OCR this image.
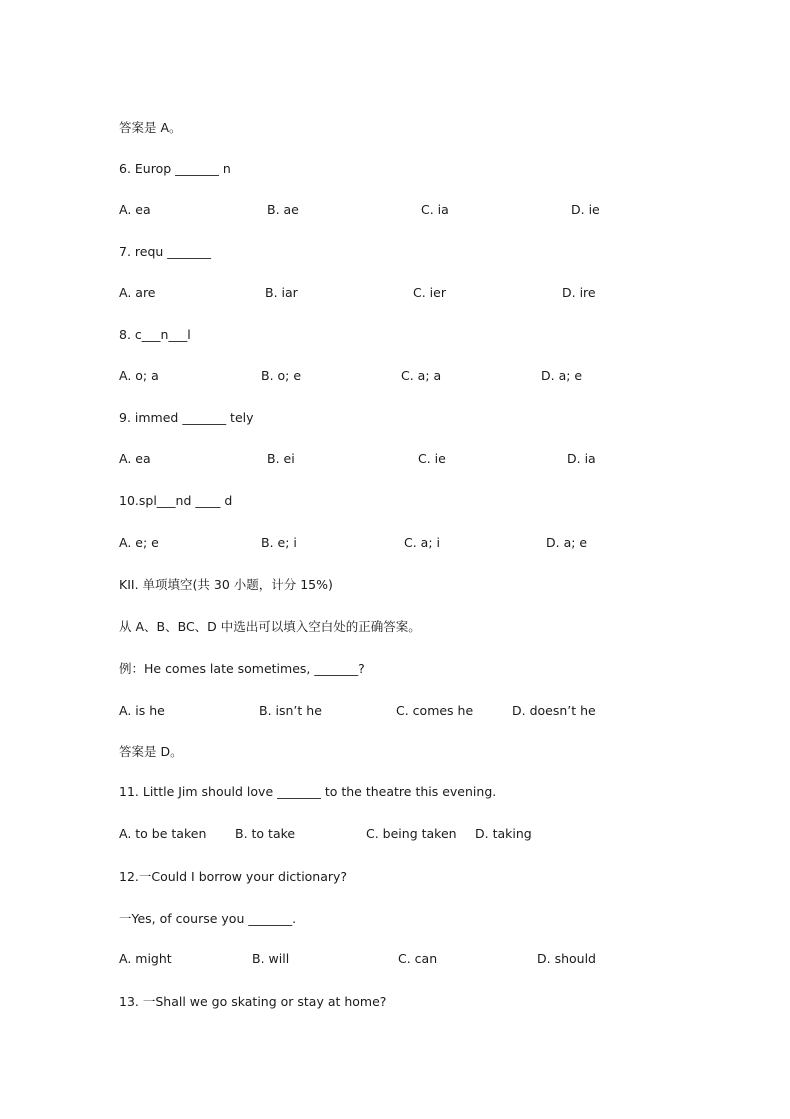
答案是 A。
6. Europ _______ n
A. ea	B. ae	C. ia	D. ie
7. requ _______
A. are	B. iar	C. ier	D. ire
8. c___n___l
A. o; a	B. o; e	C. a; a	D. a; e
9. immed _______ tely
A. ea	B. ei	C. ie	D. ia
10.spl___nd ____ d
A. e; e	B. e; i	C. a; i	D. a; e
KII. 单项填空(共 30 小题，计分 15%)
从 A、B、BC、D 中选出可以填入空白处的正确答案。
例：He comes late sometimes, _______?
A. is he	B. isn’t he	C. comes he	D. doesn’t he
答案是 D。
11. Little Jim should love _______ to the theatre this evening.
A. to be taken B. to take	C. being taken D. taking
12.一Could I borrow your dictionary?
一Yes, of course you _______.
A. might	B. will	C. can	D. should
13. 一Shall we go skating or stay at home?
